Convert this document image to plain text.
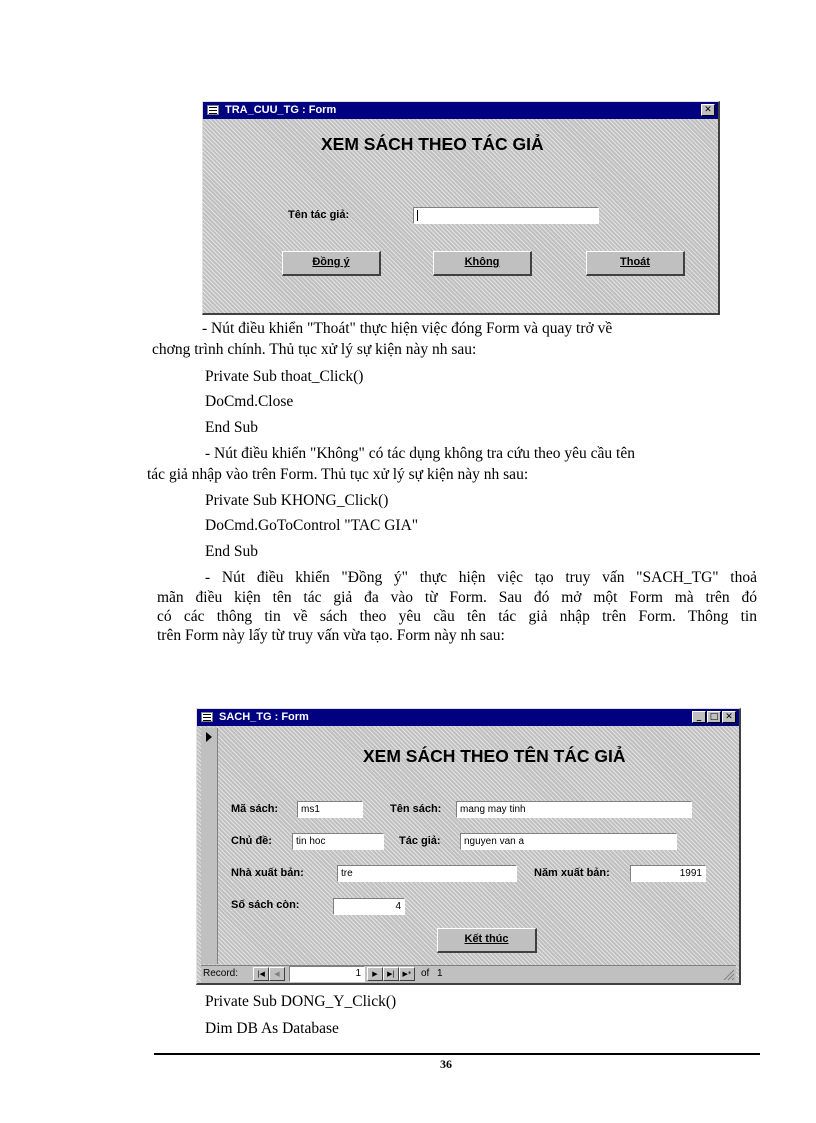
TRA_CUU_TG : Form	✕
XEM SÁCH THEO TÁC GIẢ
Tên tác giả:
Đồng ý	Không	Thoát
- Nút điều khiển "Thoát" thực hiện việc đóng Form và quay trở về
chơng trình chính. Thủ tục xử lý sự kiện này nh sau:
Private Sub thoat_Click()
DoCmd.Close
End Sub
- Nút điều khiển "Không" có tác dụng không tra cứu theo yêu cầu tên
tác giả nhập vào trên Form. Thủ tục xử lý sự kiện này nh sau:
Private Sub KHONG_Click()
DoCmd.GoToControl "TAC GIA"
End Sub
- Nút điều khiển "Đồng ý" thực hiện việc tạo truy vấn "SACH_TG" thoả
mãn điều kiện tên tác giả đa vào từ Form. Sau đó mở một Form mà trên đó
có các thông tin về sách theo yêu cầu tên tác giả nhập trên Form. Thông tin
trên Form này lấy từ truy vấn vừa tạo. Form này nh sau:
SACH_TG : Form	_ □ ✕
XEM SÁCH THEO TÊN TÁC GIẢ
Mã sách:	ms1	Tên sách:	mang may tinh
Chủ đề:	tin hoc	Tác giả:	nguyen van a
Nhà xuất bản:	tre	Năm xuất bản:	1991
Số sách còn:	4
Kết thúc
Record:	|◀	◀	1	▶	▶|	▶* of 1
Private Sub DONG_Y_Click()
Dim DB As Database
36
